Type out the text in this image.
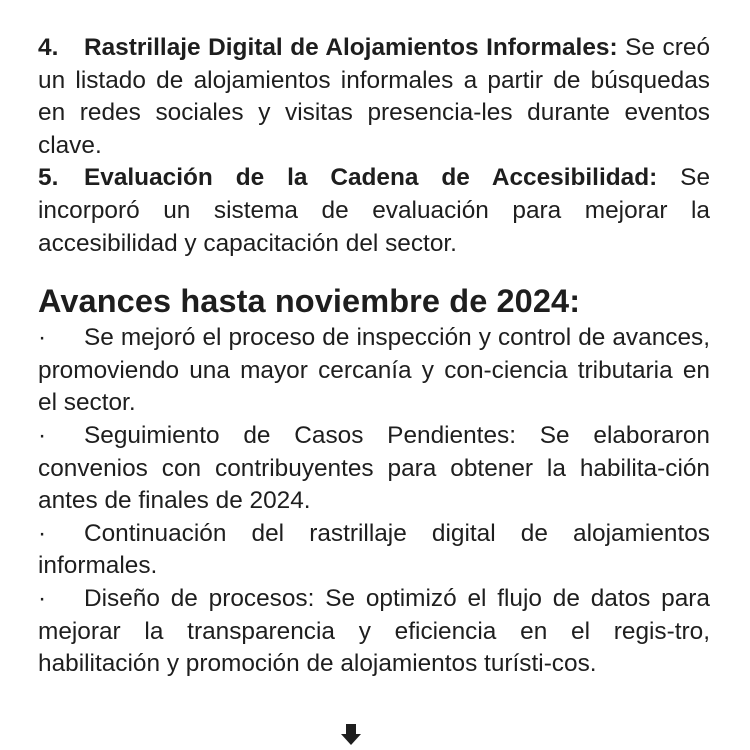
4. Rastrillaje Digital de Alojamientos Informales: Se creó un listado de alojamientos informales a partir de búsquedas en redes sociales y visitas presencia-les durante eventos clave.

5. Evaluación de la Cadena de Accesibilidad: Se incorporó un sistema de evaluación para mejorar la accesibilidad y capacitación del sector.

Avances hasta noviembre de 2024:

· Se mejoró el proceso de inspección y control de avances, promoviendo una mayor cercanía y con-ciencia tributaria en el sector.

· Seguimiento de Casos Pendientes: Se elaboraron convenios con contribuyentes para obtener la habilita-ción antes de finales de 2024.

· Continuación del rastrillaje digital de alojamientos informales.

· Diseño de procesos: Se optimizó el flujo de datos para mejorar la transparencia y eficiencia en el regis-tro, habilitación y promoción de alojamientos turísti-cos.
